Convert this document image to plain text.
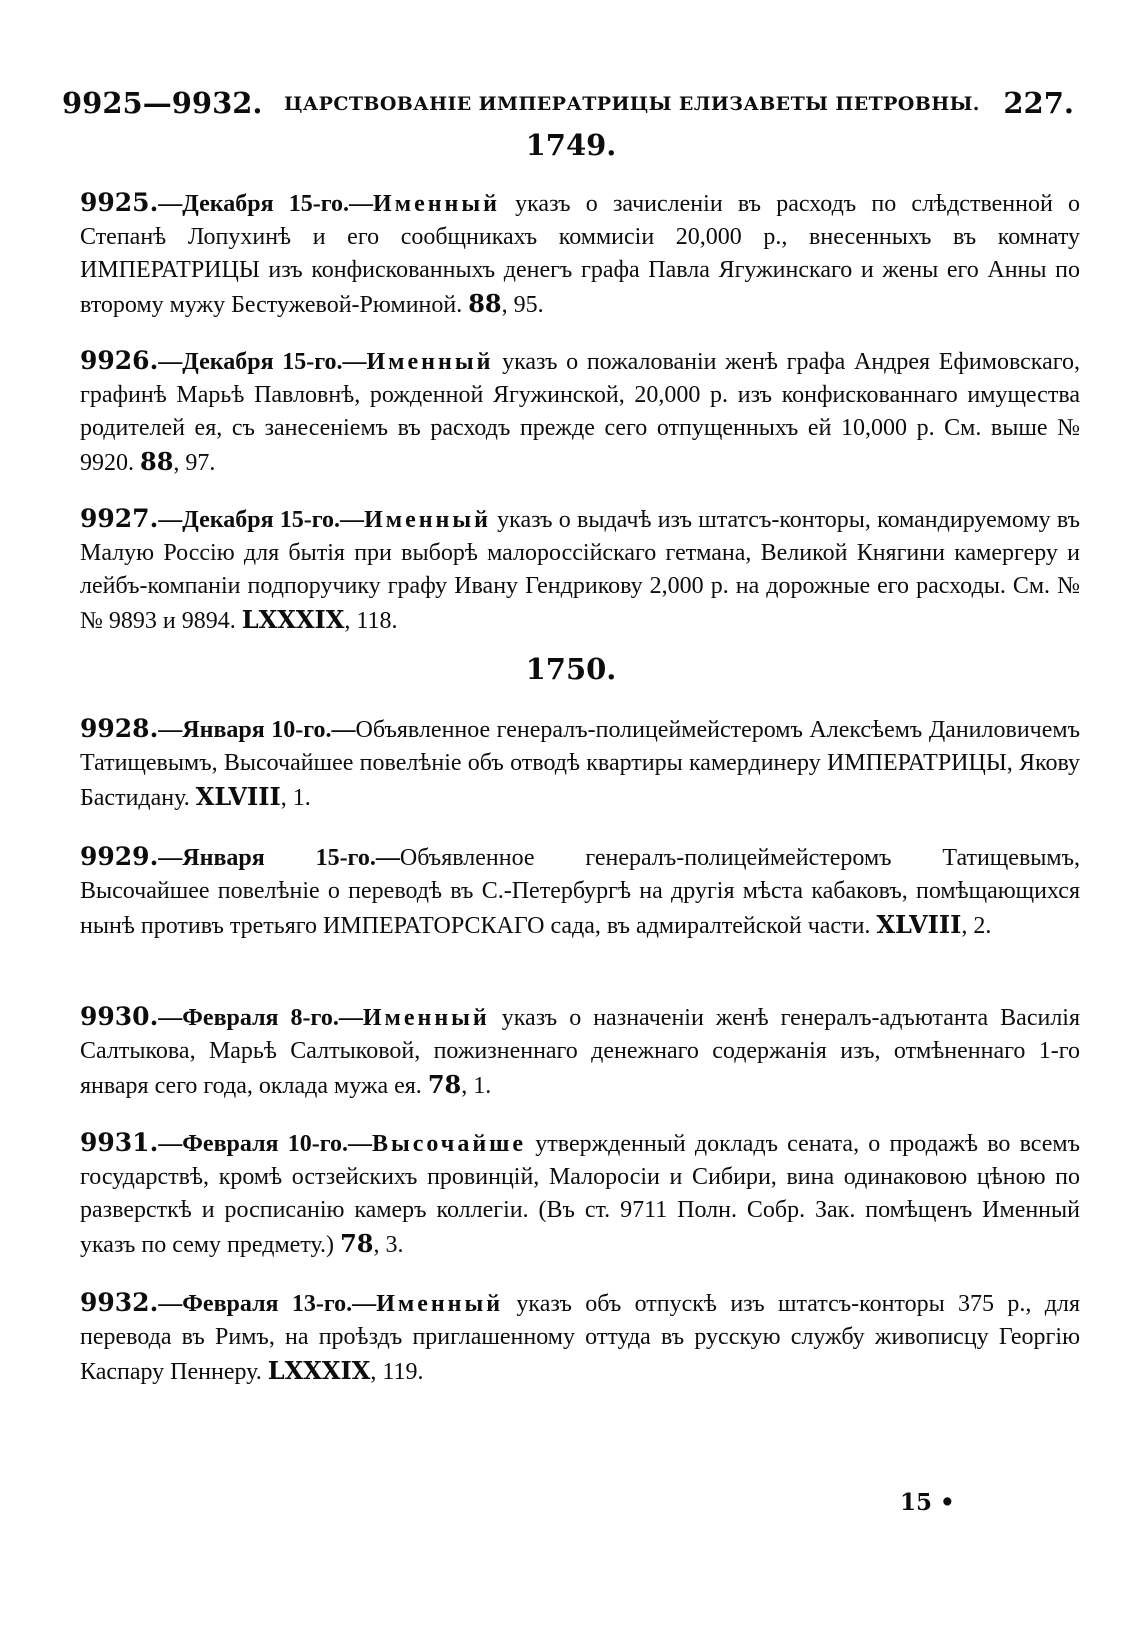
9925—9932. ЦАРСТВОВАНІЕ ИМПЕРАТРИЦЫ ЕЛИЗАВЕТЫ ПЕТРОВНЫ. 227.
1749.
9925.—Декабря 15-го.—Именный указъ о зачисленіи въ расходъ по слѣдственной о Степанѣ Лопухинѣ и его сообщникахъ коммисіи 20,000 р., внесенныхъ въ комнату ИМПЕРАТРИЦЫ изъ конфискованныхъ денегъ графа Павла Ягужинскаго и жены его Анны по второму мужу Бестужевой-Рюминой. 88, 95.
9926.—Декабря 15-го.—Именный указъ о пожалованіи женѣ графа Андрея Ефимовскаго, графинѣ Марьѣ Павловнѣ, рожденной Ягужинской, 20,000 р. изъ конфискованнаго имущества родителей ея, съ занесеніемъ въ расходъ прежде сего отпущенныхъ ей 10,000 р. См. выше № 9920. 88, 97.
9927.—Декабря 15-го.—Именный указъ о выдачѣ изъ штатсъ-конторы, командируемому въ Малую Россію для бытія при выборѣ малороссійскаго гетмана, Великой Княгини камергеру и лейбъ-компаніи подпоручику графу Ивану Гендрикову 2,000 р. на дорожные его расходы. См. №№ 9893 и 9894. LXXXIX, 118.
1750.
9928.—Января 10-го.—Объявленное генералъ-полицеймейстеромъ Алексѣемъ Даниловичемъ Татищевымъ, Высочайшее повелѣніе объ отводѣ квартиры камердинеру ИМПЕРАТРИЦЫ, Якову Бастидану. XLVIII, 1.
9929.—Января 15-го.—Объявленное генералъ-полицеймейстеромъ Татищевымъ, Высочайшее повелѣніе о переводѣ въ С.-Петербургѣ на другія мѣста кабаковъ, помѣщающихся нынѣ противъ третьяго ИМПЕРАТОРСКАГО сада, въ адмиралтейской части. XLVIII, 2.
9930.—Февраля 8-го.—Именный указъ о назначеніи женѣ генералъ-адъютанта Василія Салтыкова, Марьѣ Салтыковой, пожизненнаго денежнаго содержанія изъ, отмѣненнаго 1-го января сего года, оклада мужа ея. 78, 1.
9931.—Февраля 10-го.—Высочайше утвержденный докладъ сената, о продажѣ во всемъ государствѣ, кромѣ остзейскихъ провинцій, Малоросіи и Сибири, вина одинаковою цѣною по разверсткѣ и росписанію камеръ коллегіи. (Въ ст. 9711 Полн. Собр. Зак. помѣщенъ Именный указъ по сему предмету.) 78, 3.
9932.—Февраля 13-го.—Именный указъ объ отпускѣ изъ штатсъ-конторы 375 р., для перевода въ Римъ, на проѣздъ приглашенному оттуда въ русскую службу живописцу Георгію Каспару Пеннеру. LXXXIX, 119.
15 •
